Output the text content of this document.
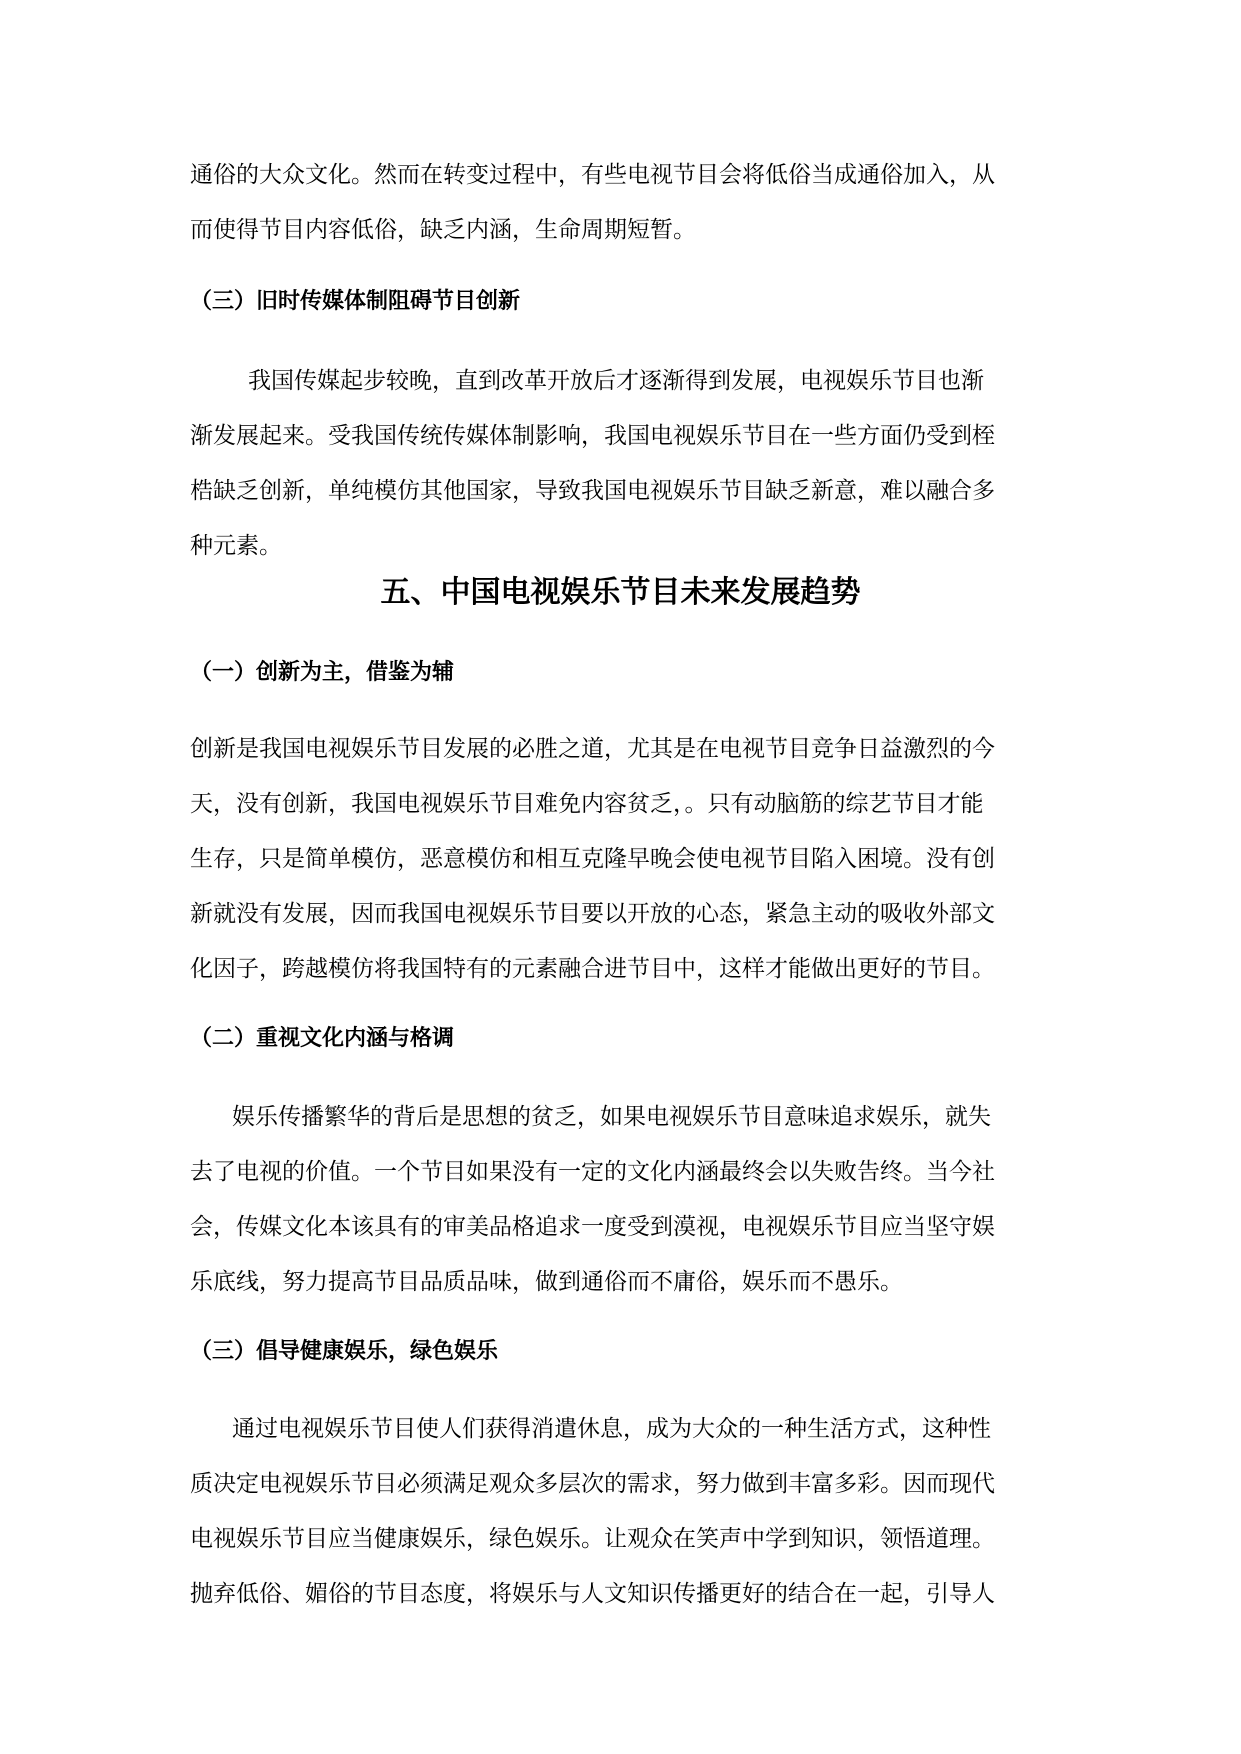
通俗的大众文化。然而在转变过程中，有些电视节目会将低俗当成通俗加入，从
而使得节目内容低俗，缺乏内涵，生命周期短暂。
（三）旧时传媒体制阻碍节目创新
我国传媒起步较晚，直到改革开放后才逐渐得到发展，电视娱乐节目也渐
渐发展起来。受我国传统传媒体制影响，我国电视娱乐节目在一些方面仍受到桎
梏缺乏创新，单纯模仿其他国家，导致我国电视娱乐节目缺乏新意，难以融合多
种元素。
五、中国电视娱乐节目未来发展趋势
（一）创新为主，借鉴为辅
创新是我国电视娱乐节目发展的必胜之道，尤其是在电视节目竞争日益激烈的今
天，没有创新，我国电视娱乐节目难免内容贫乏，。只有动脑筋的综艺节目才能
生存，只是简单模仿，恶意模仿和相互克隆早晚会使电视节目陷入困境。没有创
新就没有发展，因而我国电视娱乐节目要以开放的心态，紧急主动的吸收外部文
化因子，跨越模仿将我国特有的元素融合进节目中，这样才能做出更好的节目。
（二）重视文化内涵与格调
娱乐传播繁华的背后是思想的贫乏，如果电视娱乐节目意味追求娱乐，就失
去了电视的价值。一个节目如果没有一定的文化内涵最终会以失败告终。当今社
会，传媒文化本该具有的审美品格追求一度受到漠视，电视娱乐节目应当坚守娱
乐底线，努力提高节目品质品味，做到通俗而不庸俗，娱乐而不愚乐。
（三）倡导健康娱乐，绿色娱乐
通过电视娱乐节目使人们获得消遣休息，成为大众的一种生活方式，这种性
质决定电视娱乐节目必须满足观众多层次的需求，努力做到丰富多彩。因而现代
电视娱乐节目应当健康娱乐，绿色娱乐。让观众在笑声中学到知识，领悟道理。
抛弃低俗、媚俗的节目态度，将娱乐与人文知识传播更好的结合在一起，引导人
